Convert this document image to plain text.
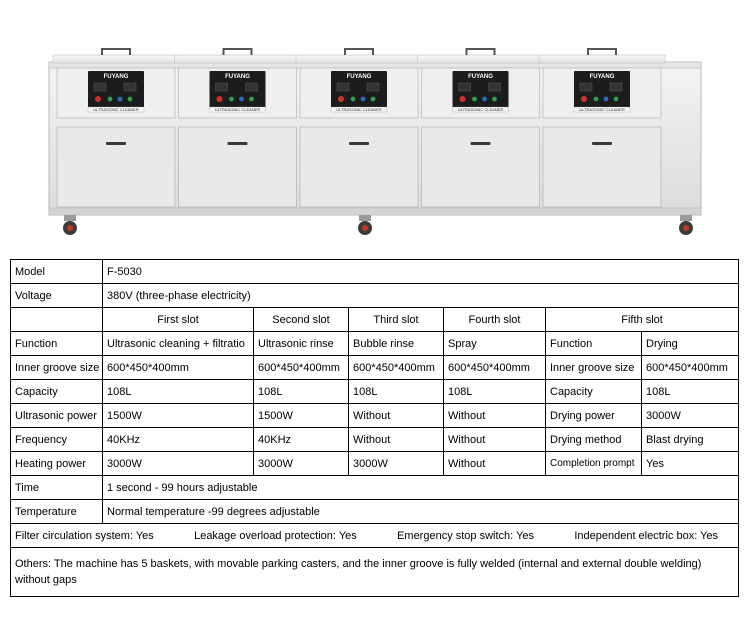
FUYANG
ULTRASONIC CLEANER
FUYANG
ULTRASONIC CLEANER
FUYANG
ULTRASONIC CLEANER
FUYANG
ULTRASONIC CLEANER
FUYANG
ULTRASONIC CLEANER
Model	F-5030					
Voltage	380V (three-phase electricity)					
	First slot	Second slot	Third slot	Fourth slot	Fifth slot	
Function	Ultrasonic cleaning + filtratio	Ultrasonic rinse	Bubble rinse	Spray	Function	Drying
Inner groove size	600*450*400mm	600*450*400mm	600*450*400mm	600*450*400mm	Inner groove size	600*450*400mm
Capacity	108L	108L	108L	108L	Capacity	108L
Ultrasonic power	1500W	1500W	Without	Without	Drying power	3000W
Frequency	40KHz	40KHz	Without	Without	Drying method	Blast drying
Heating power	3000W	3000W	3000W	Without	Completion prompt	Yes
Time	1 second - 99 hours adjustable					
Temperature	Normal temperature -99 degrees adjustable					

Filter circulation system: Yes Leakage overload protection: Yes Emergency stop switch: Yes Independent electric box: Yes						

Others: The machine has 5 baskets, with movable parking casters, and the inner groove is fully welded (internal and external double welding) without gaps						
